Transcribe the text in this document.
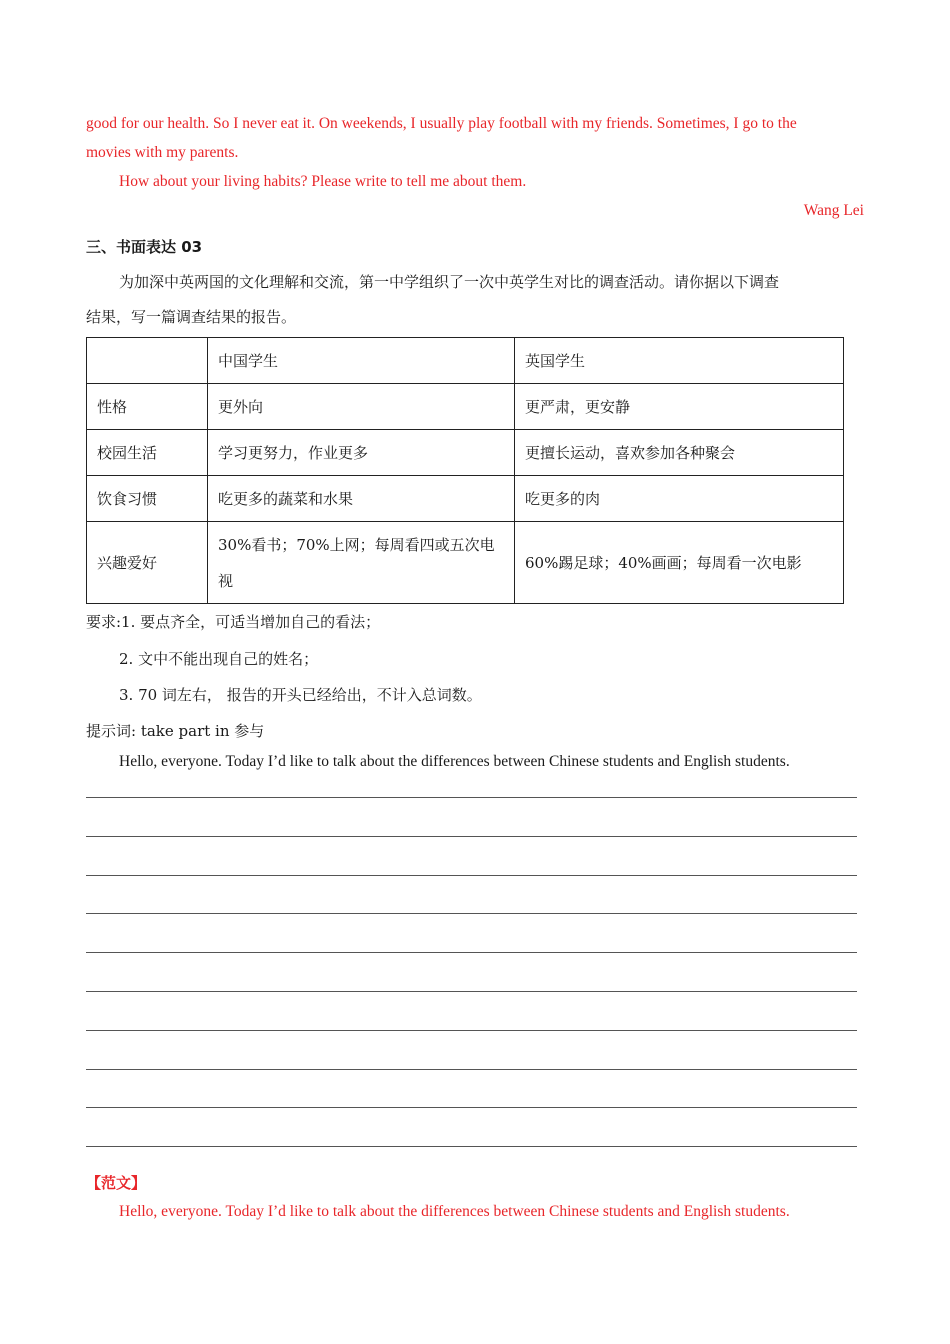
good for our health. So I never eat it. On weekends, I usually play football with my friends. Sometimes, I go to the
movies with my parents.
How about your living habits? Please write to tell me about them.
Wang Lei
三、书面表达 03
为加深中英两国的文化理解和交流，第一中学组织了一次中英学生对比的调查活动。请你据以下调查
结果，写一篇调查结果的报告。
	中国学生	英国学生
性格	更外向	更严肃，更安静
校园生活	学习更努力，作业更多	更擅长运动，喜欢参加各种聚会
饮食习惯	吃更多的蔬菜和水果	吃更多的肉
兴趣爱好	30%看书；70%上网；每周看四或五次电视	60%踢足球；40%画画；每周看一次电影
要求:1. 要点齐全，可适当增加自己的看法；
2. 文中不能出现自己的姓名；
3. 70 词左右， 报告的开头已经给出，不计入总词数。
提示词: take part in 参与
Hello, everyone. Today I’d like to talk about the differences between Chinese students and English students.
【范文】
Hello, everyone. Today I’d like to talk about the differences between Chinese students and English students.
